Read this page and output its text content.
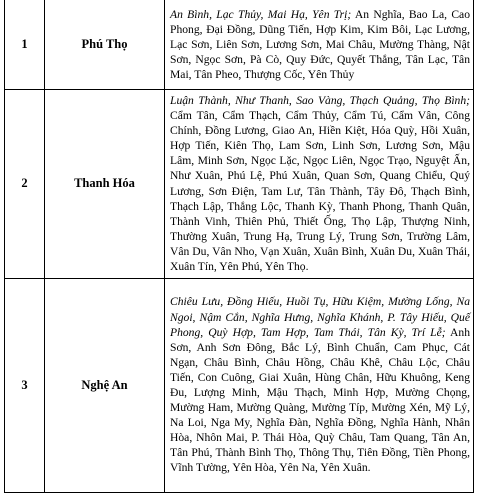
1	Phú Thọ	An Bình, Lạc Thủy, Mai Hạ, Yên Trị; An Nghĩa, Bao La, Cao Phong, Đại Đồng, Dũng Tiến, Hợp Kim, Kim Bôi, Lạc Lương, Lạc Sơn, Liên Sơn, Lương Sơn, Mai Châu, Mường Thàng, Nật Sơn, Ngọc Sơn, Pà Cò, Quy Đức, Quyết Thắng, Tân Lạc, Tân Mai, Tân Pheo, Thượng Cốc, Yên Thủy
2	Thanh Hóa	Luận Thành, Như Thanh, Sao Vàng, Thạch Quảng, Thọ Bình; Cẩm Tân, Cẩm Thạch, Cẩm Thủy, Cẩm Tú, Cẩm Vân, Công Chính, Đồng Lương, Giao An, Hiền Kiệt, Hóa Quỳ, Hồi Xuân, Hợp Tiến, Kiên Thọ, Lam Sơn, Linh Sơn, Lương Sơn, Mậu Lâm, Minh Sơn, Ngọc Lặc, Ngọc Liên, Ngọc Trạo, Nguyệt Ấn, Như Xuân, Phú Lệ, Phú Xuân, Quan Sơn, Quang Chiểu, Quý Lương, Sơn Điện, Tam Lư, Tân Thành, Tây Đô, Thạch Bình, Thạch Lập, Thắng Lộc, Thanh Kỳ, Thanh Phong, Thanh Quân, Thành Vinh, Thiên Phủ, Thiết Ống, Thọ Lập, Thượng Ninh, Thường Xuân, Trung Hạ, Trung Lý, Trung Sơn, Trường Lâm, Vân Du, Vân Nho, Vạn Xuân, Xuân Bình, Xuân Du, Xuân Thái, Xuân Tín, Yên Phú, Yên Thọ.
3	Nghệ An	Chiêu Lưu, Đồng Hiếu, Huồi Tụ, Hữu Kiệm, Mường Lống, Na Ngoi, Nậm Cắn, Nghĩa Hưng, Nghĩa Khánh, P. Tây Hiếu, Quế Phong, Quỳ Hợp, Tam Hợp, Tam Thái, Tân Kỳ, Trí Lễ; Anh Sơn, Anh Sơn Đông, Bắc Lý, Bình Chuẩn, Cam Phục, Cát Ngạn, Châu Bình, Châu Hồng, Châu Khê, Châu Lộc, Châu Tiến, Con Cuông, Giai Xuân, Hùng Chân, Hữu Khuông, Keng Đu, Lượng Minh, Mậu Thạch, Minh Hợp, Mường Chọng, Mường Ham, Mường Quàng, Mường Típ, Mường Xén, Mỹ Lý, Na Loi, Nga My, Nghĩa Đàn, Nghĩa Đồng, Nghĩa Hành, Nhân Hòa, Nhôn Mai, P. Thái Hòa, Quỳ Châu, Tam Quang, Tân An, Tân Phú, Thành Bình Thọ, Thông Thụ, Tiên Đồng, Tiền Phong, Vĩnh Tường, Yên Hòa, Yên Na, Yên Xuân.
